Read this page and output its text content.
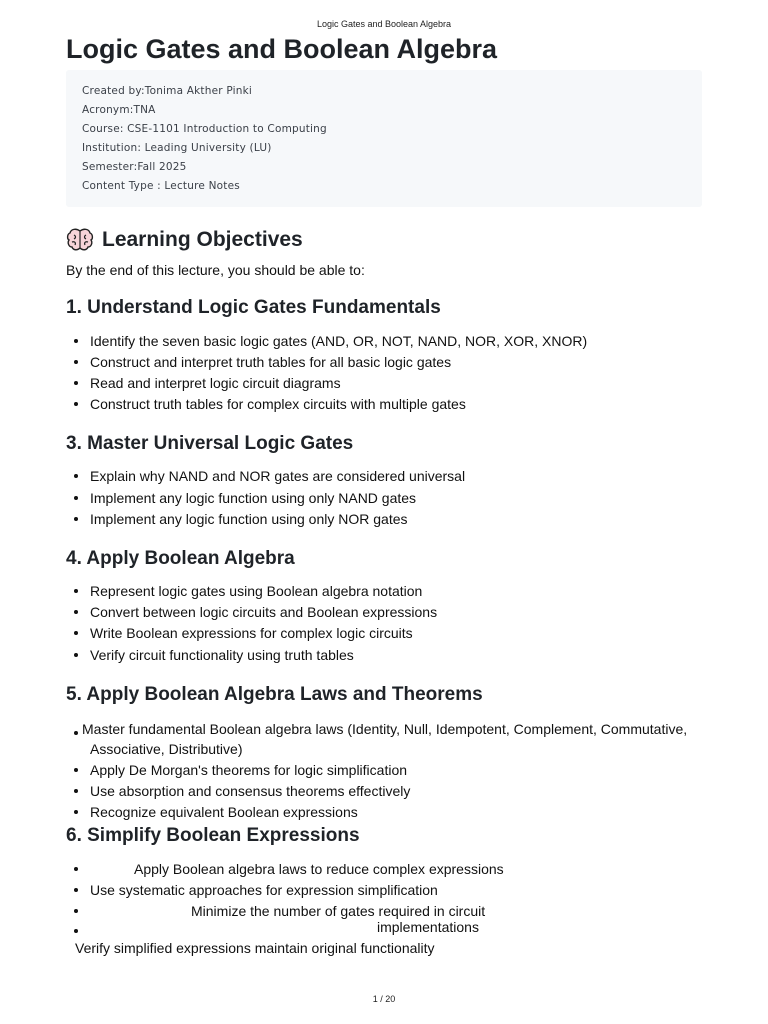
Logic Gates and Boolean Algebra
Logic Gates and Boolean Algebra
Created by:Tonima Akther Pinki
Acronym:TNA
Course: CSE-1101 Introduction to Computing
Institution: Leading University (LU)
Semester:Fall 2025
Content Type : Lecture Notes
Learning Objectives
By the end of this lecture, you should be able to:
1. Understand Logic Gates Fundamentals
Identify the seven basic logic gates (AND, OR, NOT, NAND, NOR, XOR, XNOR)
Construct and interpret truth tables for all basic logic gates
Read and interpret logic circuit diagrams
Construct truth tables for complex circuits with multiple gates
3. Master Universal Logic Gates
Explain why NAND and NOR gates are considered universal
Implement any logic function using only NAND gates
Implement any logic function using only NOR gates
4. Apply Boolean Algebra
Represent logic gates using Boolean algebra notation
Convert between logic circuits and Boolean expressions
Write Boolean expressions for complex logic circuits
Verify circuit functionality using truth tables
5. Apply Boolean Algebra Laws and Theorems
Master fundamental Boolean algebra laws (Identity, Null, Idempotent, Complement, Commutative,
Associative, Distributive)
Apply De Morgan's theorems for logic simplification
Use absorption and consensus theorems effectively
Recognize equivalent Boolean expressions
6. Simplify Boolean Expressions
Apply Boolean algebra laws to reduce complex expressions
Use systematic approaches for expression simplification
Minimize the number of gates required in circuit
implementations
Verify simplified expressions maintain original functionality
1 / 20
